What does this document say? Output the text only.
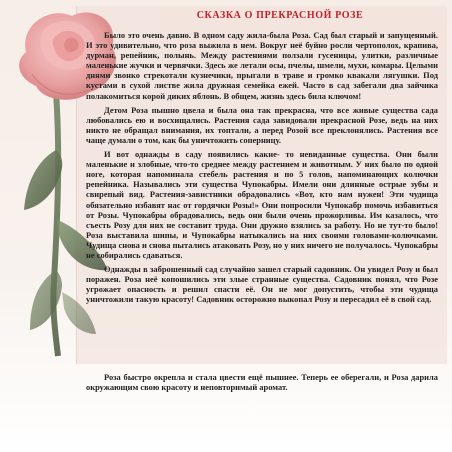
СКАЗКА О ПРЕКРАСНОЙ РОЗЕ

Было это очень давно. В одном саду жила-была Роза. Сад был старый и запущенный. И это удивительно, что роза выжила в нем. Вокруг неё буйно росли чертополох, крапива, дурман, репейник, полынь. Между растениями ползали гусеницы, улитки, различные маленькие жучки и червячки. Здесь же летали осы, пчелы, шмели, мухи, комары. Целыми днями звонко стрекотали кузнечики, прыгали в траве и громко квакали лягушки. Под кустами в сухой листве жила дружная семейка ежей. Часто в сад забегали два зайчика полакомиться корой диких яблонь. В общем, жизнь здесь била ключом!

Детом Роза пышно цвела и была она так прекрасна, что все живые существа сада любовались ею и восхищались. Растения сада завидовали прекрасной Розе, ведь на них никто не обращал внимания, их топтали, а перед Розой все преклонялись. Растения все чаще думали о том, как бы уничтожить соперницу.

И вот однажды в саду появились какие- то невиданные существа. Они были маленькие и злобные, что-то среднее между растением и животным. У них было по одной ноге, которая напоминала стебель растения и по 5 голов, напоминающих колючки репейника. Назывались эти существа Чупокабры. Имели они длинные острые зубы и свирепый вид. Растения-завистники обрадовались «Вот, кто нам нужен! Эти чудища обязательно избавят нас от гордячки Розы!» Они попросили Чупокабр помочь избавиться от Розы. Чупокабры обрадовались, ведь они были очень прожорливы. Им казалось, что съесть Розу для них не составит труда. Они дружно взялись за работу. Но не тут-то было! Роза выставила шипы, и Чупокабры натыкались на них своими головами-колючками. Чудища снова и снова пытались атаковать Розу, но у них ничего не получалось. Чупокабры не собирались сдаваться.

Однажды в заброшенный сад случайно зашел старый садовник. Он увидел Розу и был поражен. Роза неё копошились эти злые странные существа. Садовник понял, что Розе угрожает опасность и решил спасти её. Он не мог допустить, чтобы эти чудища уничтожили такую красоту! Садовник осторожно выкопал Розу и пересадил её в свой сад.

Роза быстро окрепла и стала цвести ещё пышнее. Теперь ее оберегали, и Роза дарила окружающим свою красоту и неповторимый аромат.
